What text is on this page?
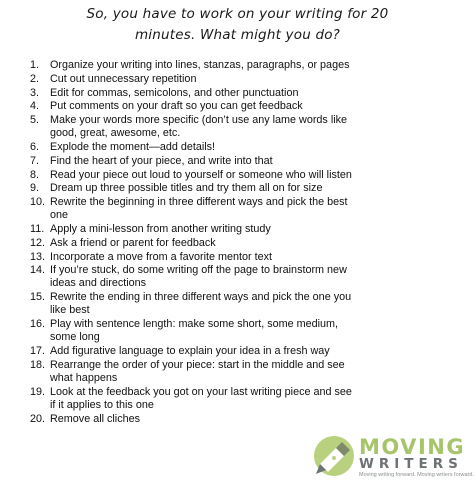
So, you have to work on your writing for 20
minutes. What might you do?
1.	Organize your writing into lines, stanzas, paragraphs, or pages
2.	Cut out unnecessary repetition
3.	Edit for commas, semicolons, and other punctuation
4.	Put comments on your draft so you can get feedback
5.	Make your words more specific (don’t use any lame words like good, great, awesome, etc.
6.	Explode the moment—add details!
7.	Find the heart of your piece, and write into that
8.	Read your piece out loud to yourself or someone who will listen
9.	Dream up three possible titles and try them all on for size
10. Rewrite the beginning in three different ways and pick the best one
11. Apply a mini-lesson from another writing study
12. Ask a friend or parent for feedback
13. Incorporate a move from a favorite mentor text
14. If you’re stuck, do some writing off the page to brainstorm new ideas and directions
15. Rewrite the ending in three different ways and pick the one you like best
16. Play with sentence length: make some short, some medium, some long
17. Add figurative language to explain your idea in a fresh way
18. Rearrange the order of your piece: start in the middle and see what happens
19. Look at the feedback you got on your last writing piece and see if it applies to this one
20. Remove all cliches
MOVING
WRITERS
Moving writing forward. Moving writers forward.
